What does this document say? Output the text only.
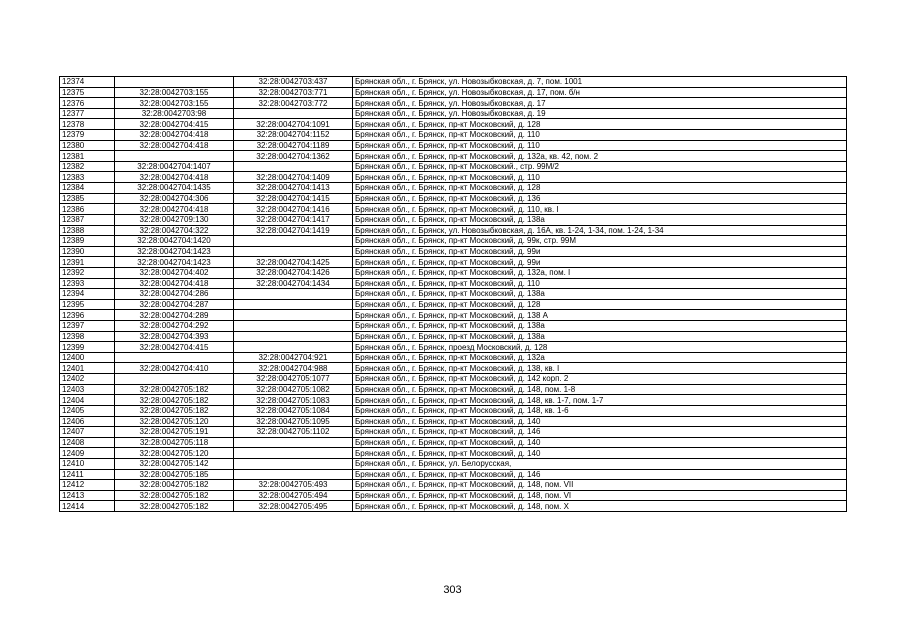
12374		32:28:0042703:437	Брянская обл., г. Брянск, ул. Новозыбковская, д. 7, пом. 1001
12375	32:28:0042703:155	32:28:0042703:771	Брянская обл., г. Брянск, ул. Новозыбковская, д. 17, пом. б/н
12376	32:28:0042703:155	32:28:0042703:772	Брянская обл., г. Брянск, ул. Новозыбковская, д. 17
12377	32:28:0042703:98		Брянская обл., г. Брянск, ул. Новозыбковская, д. 19
12378	32:28:0042704:415	32:28:0042704:1091	Брянская обл., г. Брянск, пр-кт Московский, д. 128
12379	32:28:0042704:418	32:28:0042704:1152	Брянская обл., г. Брянск, пр-кт Московский, д. 110
12380	32:28:0042704:418	32:28:0042704:1189	Брянская обл., г. Брянск, пр-кт Московский, д. 110
12381		32:28:0042704:1362	Брянская обл., г. Брянск, пр-кт Московский, д. 132а, кв. 42, пом. 2
12382	32:28:0042704:1407		Брянская обл., г. Брянск, пр-кт Московский., стр. 99М/2
12383	32:28:0042704:418	32:28:0042704:1409	Брянская обл., г. Брянск, пр-кт Московский, д. 110
12384	32:28:0042704:1435	32:28:0042704:1413	Брянская обл., г. Брянск, пр-кт Московский, д. 128
12385	32:28:0042704:306	32:28:0042704:1415	Брянская обл., г. Брянск, пр-кт Московский, д. 136
12386	32:28:0042704:418	32:28:0042704:1416	Брянская обл., г. Брянск, пр-кт Московский, д. 110, кв. I
12387	32:28:0042709:130	32:28:0042704:1417	Брянская обл., г. Брянск, пр-кт Московский, д. 138а
12388	32:28:0042704:322	32:28:0042704:1419	Брянская обл., г. Брянск, ул. Новозыбковская, д. 16А, кв. 1-24, 1-34, пом. 1-24, 1-34
12389	32:28:0042704:1420		Брянская обл., г. Брянск, пр-кт Московский, д. 99к, стр. 99М
12390	32:28:0042704:1423		Брянская обл., г. Брянск, пр-кт Московский, д. 99и
12391	32:28:0042704:1423	32:28:0042704:1425	Брянская обл., г. Брянск, пр-кт Московский, д. 99и
12392	32:28:0042704:402	32:28:0042704:1426	Брянская обл., г. Брянск, пр-кт Московский, д. 132а, пом. I
12393	32:28:0042704:418	32:28:0042704:1434	Брянская обл., г. Брянск, пр-кт Московский, д. 110
12394	32:28:0042704:286		Брянская обл., г. Брянск, пр-кт Московский, д. 138а
12395	32:28:0042704:287		Брянская обл., г. Брянск, пр-кт Московский, д. 128
12396	32:28:0042704:289		Брянская обл., г. Брянск, пр-кт Московский, д. 138 А
12397	32:28:0042704:292		Брянская обл., г. Брянск, пр-кт Московский, д. 138а
12398	32:28:0042704:393		Брянская обл., г. Брянск, пр-кт Московский, д. 138а
12399	32:28:0042704:415		Брянская обл., г. Брянск, проезд Московский, д. 128
12400		32:28:0042704:921	Брянская обл., г. Брянск, пр-кт Московский, д. 132а
12401	32:28:0042704:410	32:28:0042704:988	Брянская обл., г. Брянск, пр-кт Московский, д. 138, кв. I
12402		32:28:0042705:1077	Брянская обл., г. Брянск, пр-кт Московский, д. 142 корп. 2
12403	32:28:0042705:182	32:28:0042705:1082	Брянская обл., г. Брянск, пр-кт Московский, д. 148, пом. 1-8
12404	32:28:0042705:182	32:28:0042705:1083	Брянская обл., г. Брянск, пр-кт Московский, д. 148, кв. 1-7, пом. 1-7
12405	32:28:0042705:182	32:28:0042705:1084	Брянская обл., г. Брянск, пр-кт Московский, д. 148, кв. 1-6
12406	32:28:0042705:120	32:28:0042705:1095	Брянская обл., г. Брянск, пр-кт Московский, д. 140
12407	32:28:0042705:191	32:28:0042705:1102	Брянская обл., г. Брянск, пр-кт Московский, д. 146
12408	32:28:0042705:118		Брянская обл., г. Брянск, пр-кт Московский, д. 140
12409	32:28:0042705:120		Брянская обл., г. Брянск, пр-кт Московский, д. 140
12410	32:28:0042705:142		Брянская обл., г. Брянск, ул. Белорусская,
12411	32:28:0042705:185		Брянская обл., г. Брянск, пр-кт Московский, д. 146
12412	32:28:0042705:182	32:28:0042705:493	Брянская обл., г. Брянск, пр-кт Московский, д. 148, пом. VII
12413	32:28:0042705:182	32:28:0042705:494	Брянская обл., г. Брянск, пр-кт Московский, д. 148, пом. VI
12414	32:28:0042705:182	32:28:0042705:495	Брянская обл., г. Брянск, пр-кт Московский, д. 148, пом. X
303
